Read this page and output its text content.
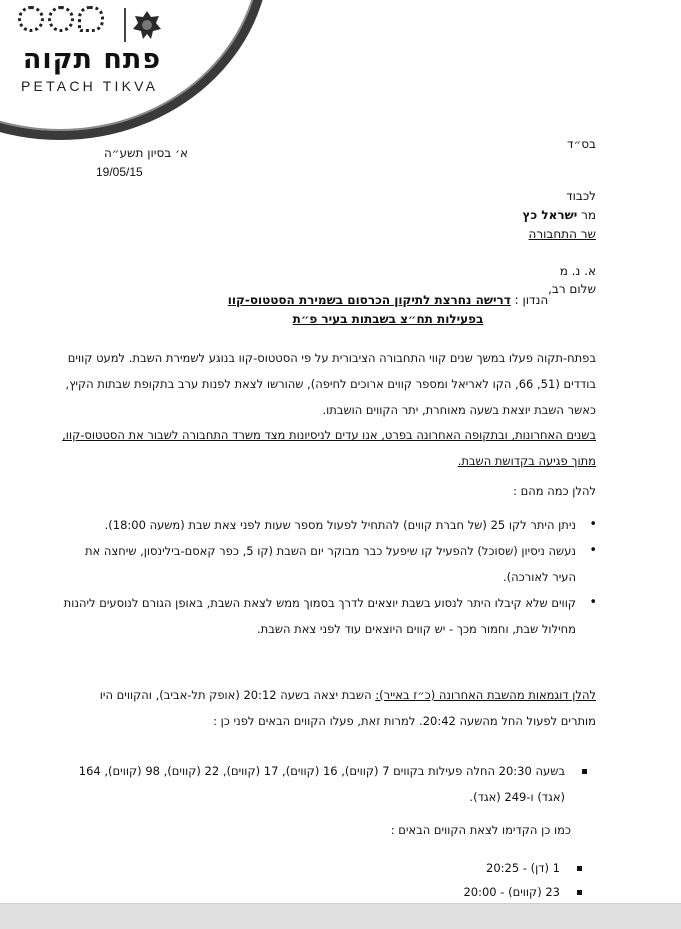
פתח תקוה
PETACH TIKVA
א׳ בסיון תשע״ה
19/05/15
בס״ד
לכבוד
מר ישראל כץ
שר התחבורה
א. נ. מ
שלום רב,
הנדון : דרישה נחרצת לתיקון הכרסום בשמירת הסטטוס-קוו
בפעילות תח״צ בשבתות בעיר פ״ת
בפתח-תקוה פעלו במשך שנים קווי התחבורה הציבורית על פי הסטטוס-קוו בנוגע לשמירת השבת. למעט קווים בודדים (51, 66, הקו לאריאל ומספר קווים ארוכים לחיפה), שהורשו לצאת לפנות ערב בתקופת שבתות הקיץ, כאשר השבת יוצאת בשעה מאוחרת, יתר הקווים הושבתו.
בשנים האחרונות, ובתקופה האחרונה בפרט, אנו עדים לניסיונות מצד משרד התחבורה לשבור את הסטטוס-קוו, מתוך פגיעה בקדושת השבת.
להלן כמה מהם :
• ניתן היתר לקו 25 (של חברת קווים) להתחיל לפעול מספר שעות לפני צאת שבת (משעה 18:00).
• נעשה ניסיון (שסוכל) להפעיל קו שיפעל כבר מבוקר יום השבת (קו 5, כפר קאסם-בילינסון, שיחצה את העיר לאורכה).
• קווים שלא קיבלו היתר לנסוע בשבת יוצאים לדרך בסמוך ממש לצאת השבת, באופן הגורם לנוסעים ליהנות מחילול שבת, וחמור מכך - יש קווים היוצאים עוד לפני צאת השבת.
להלן דוגמאות מהשבת האחרונה (כ״ז באייר): השבת יצאה בשעה 20:12 (אופק תל-אביב), והקווים היו מותרים לפעול החל מהשעה 20:42. למרות זאת, פעלו הקווים הבאים לפני כן :
בשעה 20:30 החלה פעילות בקווים 7 (קווים), 16 (קווים), 17 (קווים), 22 (קווים), 98 (קווים), 164 (אגד) ו-249 (אגד).
כמו כן הקדימו לצאת הקווים הבאים :
1 (דן) - 20:25
23 (קווים) - 20:00
